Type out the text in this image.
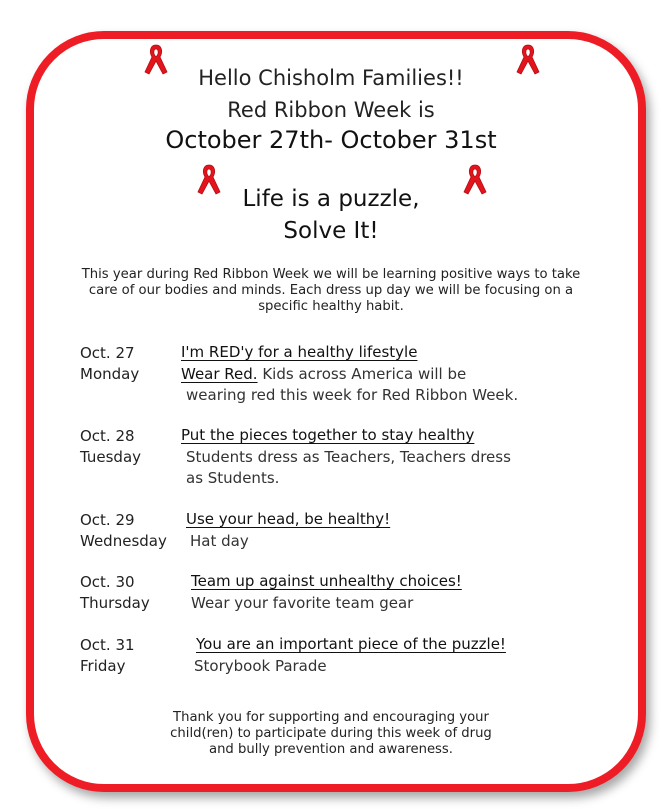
Hello Chisholm Families!!
Red Ribbon Week is
October 27th- October 31st
Life is a puzzle,
Solve It!
This year during Red Ribbon Week we will be learning positive ways to take care of our bodies and minds. Each dress up day we will be focusing on a specific healthy habit.
Oct. 27
Monday
I'm RED'y for a healthy lifestyle
Wear Red. Kids across America will be
wearing red this week for Red Ribbon Week.
Oct. 28
Tuesday
Put the pieces together to stay healthy
Students dress as Teachers, Teachers dress
as Students.
Oct. 29
Wednesday
Use your head, be healthy!
Hat day
Oct. 30
Thursday
Team up against unhealthy choices!
Wear your favorite team gear
Oct. 31
Friday
You are an important piece of the puzzle!
Storybook Parade
Thank you for supporting and encouraging your child(ren) to participate during this week of drug and bully prevention and awareness.
